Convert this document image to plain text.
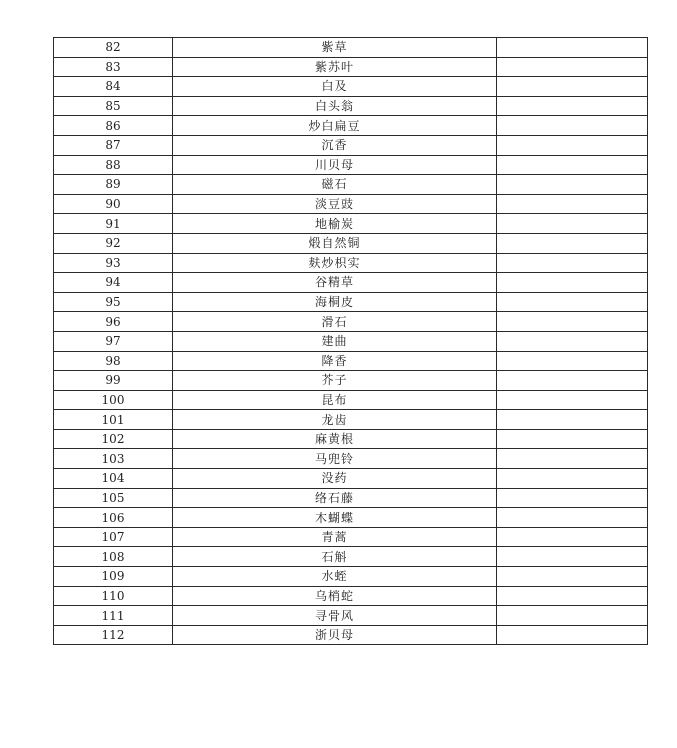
82	紫草	
83	紫苏叶	
84	白及	
85	白头翁	
86	炒白扁豆	
87	沉香	
88	川贝母	
89	磁石	
90	淡豆豉	
91	地榆炭	
92	煅自然铜	
93	麸炒枳实	
94	谷精草	
95	海桐皮	
96	滑石	
97	建曲	
98	降香	
99	芥子	
100	昆布	
101	龙齿	
102	麻黄根	
103	马兜铃	
104	没药	
105	络石藤	
106	木蝴蝶	
107	青蒿	
108	石斛	
109	水蛭	
110	乌梢蛇	
111	寻骨风	
112	浙贝母	
